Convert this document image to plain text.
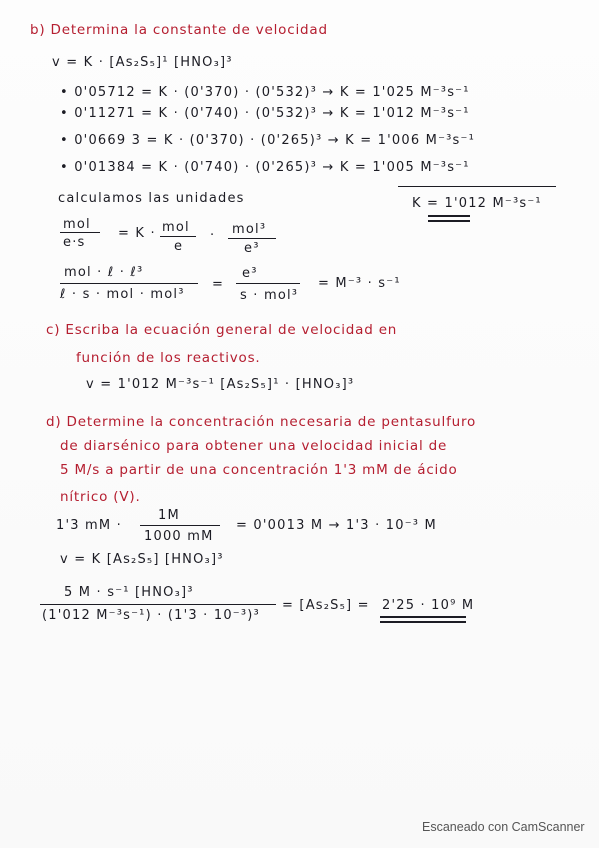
b) Determina la constante de velocidad
v = K · [As₂S₅]¹ [HNO₃]³
• 0'05712 = K · (0'370) · (0'532)³ → K = 1'025 M⁻³s⁻¹
• 0'11271 = K · (0'740) · (0'532)³ → K = 1'012 M⁻³s⁻¹
• 0'0669 3 = K · (0'370) · (0'265)³ → K = 1'006 M⁻³s⁻¹
• 0'01384 = K · (0'740) · (0'265)³ → K = 1'005 M⁻³s⁻¹
K = 1'012 M⁻³s⁻¹
calculamos las unidades
mol
e·s
= K · mol
e
· mol³
e³
mol · ℓ · ℓ³
ℓ · s · mol · mol³
=
e³
s · mol³
= M⁻³ · s⁻¹
c) Escriba la ecuación general de velocidad en
función de los reactivos.
v = 1'012 M⁻³s⁻¹ [As₂S₅]¹ · [HNO₃]³
d) Determine la concentración necesaria de pentasulfuro
de diarsénico para obtener una velocidad inicial de
5 M/s a partir de una concentración 1'3 mM de ácido
nítrico (V).
1'3 mM ·
1M
1000 mM
= 0'0013 M → 1'3 · 10⁻³ M
v = K [As₂S₅] [HNO₃]³
5 M · s⁻¹ [HNO₃]³
(1'012 M⁻³s⁻¹) · (1'3 · 10⁻³)³
= [As₂S₅] = 2'25 · 10⁹ M
Escaneado con CamScanner
